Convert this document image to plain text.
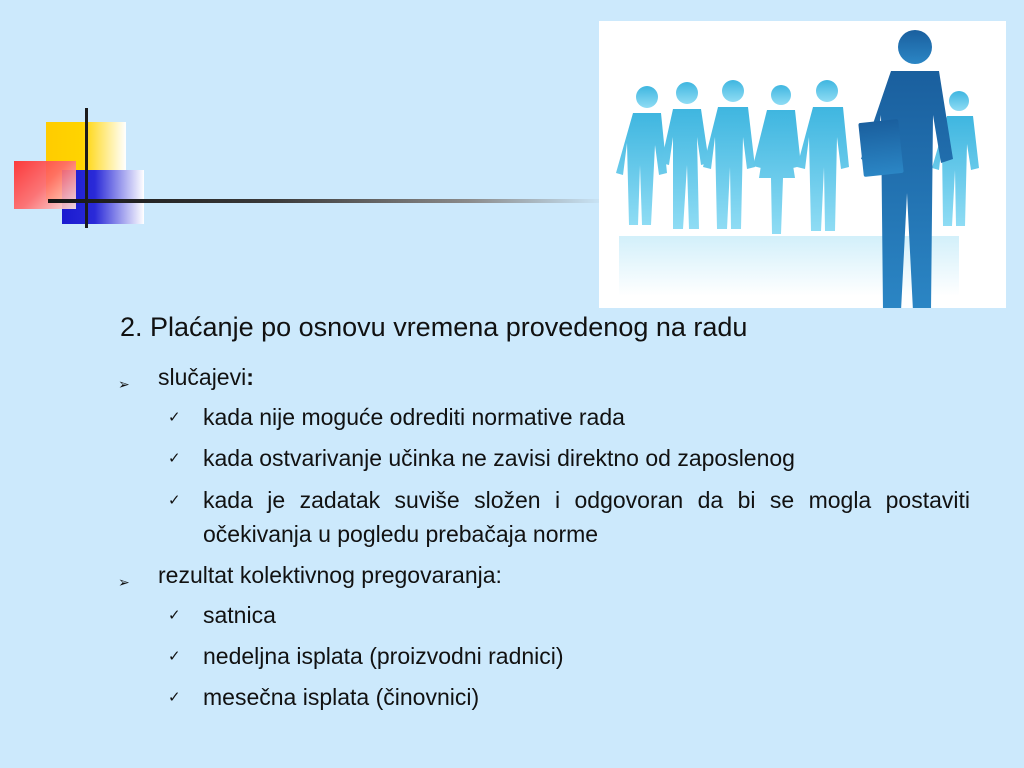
2. Plaćanje po osnovu vremena provedenog na radu
➢ slučajevi:
✓ kada nije moguće odrediti normative rada
✓ kada ostvarivanje učinka ne zavisi direktno od zaposlenog
✓ kada je zadatak suviše složen i odgovoran da bi se mogla postaviti očekivanja u pogledu prebačaja norme
➢ rezultat kolektivnog pregovaranja:
✓ satnica
✓ nedeljna isplata (proizvodni radnici)
✓ mesečna isplata (činovnici)
